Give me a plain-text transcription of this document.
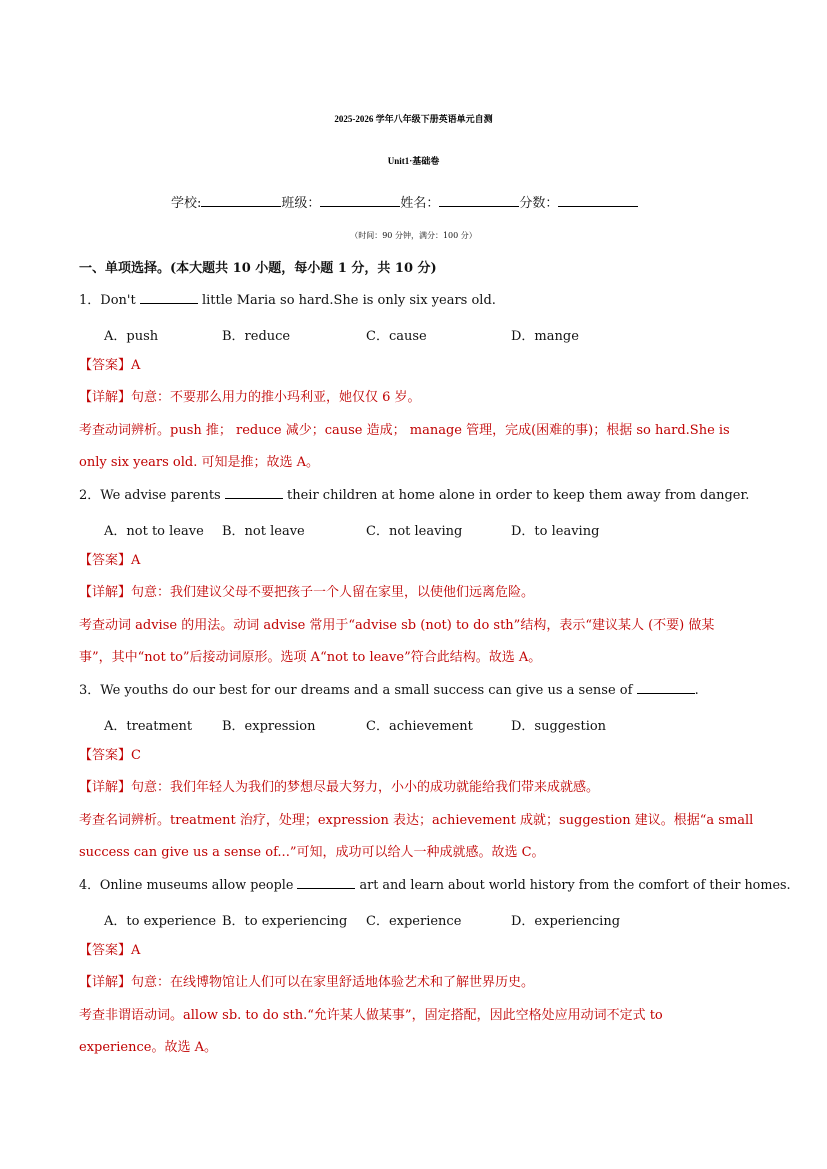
2025-2026 学年八年级下册英语单元自测
Unit1·基础卷
学校:	班级：	姓名：	分数：
（时间：90 分钟，满分：100 分）
一、单项选择。(本大题共 10 小题，每小题 1 分，共 10 分)
1．Don't	little Maria so hard.She is only six years old.
A．push	B．reduce	C．cause	D．mange
【答案】A
【详解】句意：不要那么用力的推小玛利亚，她仅仅 6 岁。
考查动词辨析。push 推； reduce 减少；cause 造成； manage 管理，完成(困难的事)；根据 so hard.She is
only six years old. 可知是推；故选 A。
2．We advise parents	their children at home alone in order to keep them away from danger.
A．not to leave B．not leave	C．not leaving	D．to leaving
【答案】A
【详解】句意：我们建议父母不要把孩子一个人留在家里，以使他们远离危险。
考查动词 advise 的用法。动词 advise 常用于“advise sb (not) to do sth”结构，表示“建议某人 (不要) 做某
事”，其中“not to”后接动词原形。选项 A“not to leave”符合此结构。故选 A。
3．We youths do our best for our dreams and a small success can give us a sense of	.
A．treatment B．expression	C．achievement	D．suggestion
【答案】C
【详解】句意：我们年轻人为我们的梦想尽最大努力，小小的成功就能给我们带来成就感。
考查名词辨析。treatment 治疗，处理；expression 表达；achievement 成就；suggestion 建议。根据“a small
success can give us a sense of...”可知，成功可以给人一种成就感。故选 C。
4．Online museums allow people	art and learn about world history from the comfort of their homes.
A．to experience B．to experiencing C．experience	D．experiencing
【答案】A
【详解】句意：在线博物馆让人们可以在家里舒适地体验艺术和了解世界历史。
考查非谓语动词。allow sb. to do sth.“允许某人做某事”，固定搭配，因此空格处应用动词不定式 to
experience。故选 A。
